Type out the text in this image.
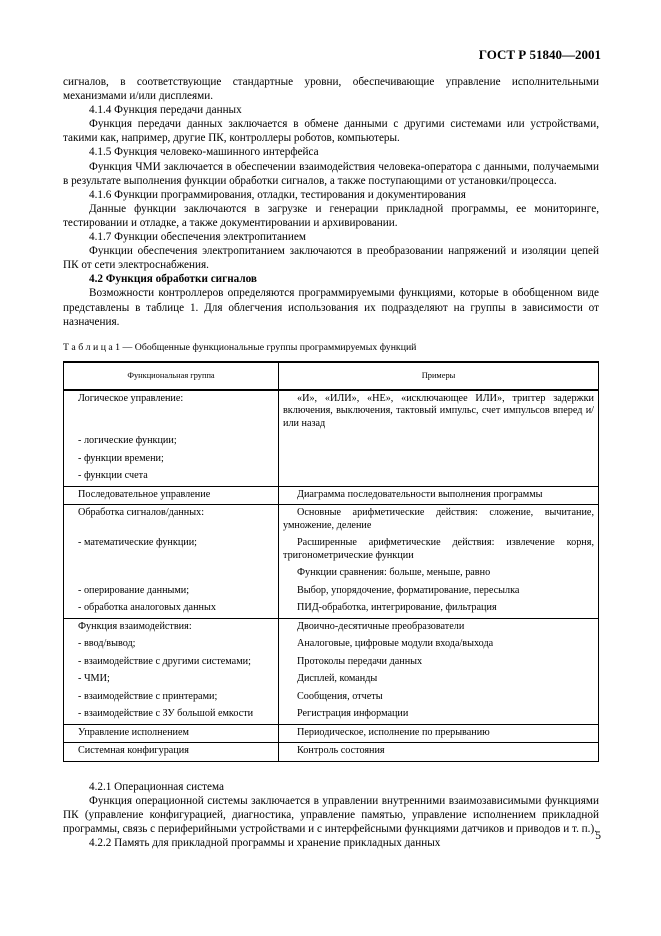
ГОСТ Р 51840—2001

сигналов, в соответствующие стандартные уровни, обеспечивающие управление исполнительными механизмами и/или дисплеями.

4.1.4 Функция передачи данных

Функция передачи данных заключается в обмене данными с другими системами или устройствами, такими как, например, другие ПК, контроллеры роботов, компьютеры.

4.1.5 Функция человеко-машинного интерфейса

Функция ЧМИ заключается в обеспечении взаимодействия человека-оператора с данными, получаемыми в результате выполнения функции обработки сигналов, а также поступающими от установки/процесса.

4.1.6 Функции программирования, отладки, тестирования и документирования

Данные функции заключаются в загрузке и генерации прикладной программы, ее мониторинге, тестировании и отладке, а также документировании и архивировании.

4.1.7 Функции обеспечения электропитанием

Функции обеспечения электропитанием заключаются в преобразовании напряжений и изоляции цепей ПК от сети электроснабжения.

4.2 Функция обработки сигналов

Возможности контроллеров определяются программируемыми функциями, которые в обобщенном виде представлены в таблице 1. Для облегчения использования их подразделяют на группы в зависимости от назначения.

Т а б л и ц а 1 — Обобщенные функциональные группы программируемых функций

Функциональная группа	Примеры

Логическое управление:	«И», «ИЛИ», «НЕ», «исключающее ИЛИ», триггер задержки включения, выключения, тактовый импульс, счет импульсов вперед и/или назад

- логические функции;	

- функции времени;	

- функции счета	

Последовательное управление	Диаграмма последовательности выполнения программы

Обработка сигналов/данных:	Основные арифметические действия: сложение, вычитание, умножение, деление

- математические функции;	Расширенные арифметические действия: извлечение корня, тригонометрические функции

	Функции сравнения: больше, меньше, равно

- оперирование данными;	Выбор, упорядочение, форматирование, пересылка

- обработка аналоговых данных	ПИД-обработка, интегрирование, фильтрация

Функция взаимодействия:	Двоично-десятичные преобразователи

- ввод/вывод;	Аналоговые, цифровые модули входа/выхода

- взаимодействие с другими системами;	Протоколы передачи данных

- ЧМИ;	Дисплей, команды

- взаимодействие с принтерами;	Сообщения, отчеты

- взаимодействие с ЗУ большой емкости	Регистрация информации

Управление исполнением	Периодическое, исполнение по прерыванию

Системная конфигурация	Контроль состояния

4.2.1 Операционная система

Функция операционной системы заключается в управлении внутренними взаимозависимыми функциями ПК (управление конфигурацией, диагностика, управление памятью, управление исполнением прикладной программы, связь с периферийными устройствами и с интерфейсными функциями датчиков и приводов и т. п.).

4.2.2 Память для прикладной программы и хранение прикладных данных

5
